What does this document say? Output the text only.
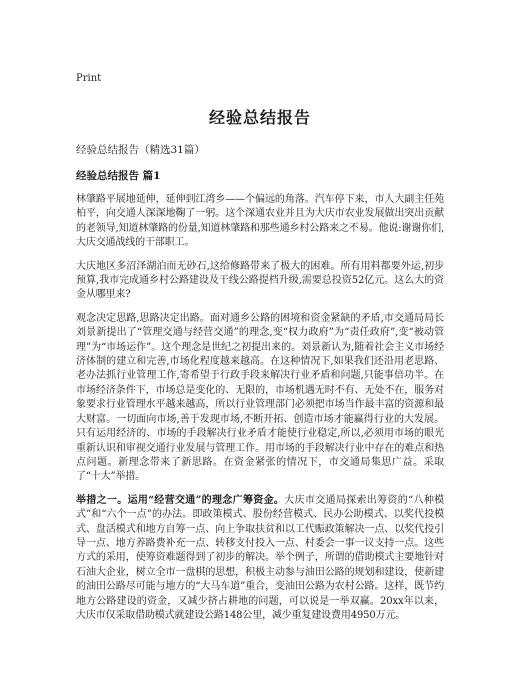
Print
经验总结报告
经验总结报告（精选31篇）
经验总结报告 篇1

林肇路平展地延伸，延伸到江湾乡——个偏远的角落。汽车停下来，市人大副主任苑柏平，向交通人深深地鞠了一躬。这个深通农业并且为大庆市农业发展做出突出贡献的老领导,知道林肇路的份量,知道林肇路和那些通乡村公路来之不易。他说:谢谢你们,大庆交通战线的干部职工。

大庆地区多沼泽湖泊而无砂石,这给修路带来了极大的困难。所有用料都要外运,初步预算,我市完成通乡村公路建设及干线公路提档升级,需要总投资52亿元。这么大的资金从哪里来?

观念决定思路,思路决定出路。面对通乡公路的困境和资金紧缺的矛盾,市交通局局长刘景新提出了“管理交通与经营交通”的理念,变“权力政府”为“责任政府”,变“被动管理”为“市场运作”。这个理念是世纪之初提出来的。刘景新认为,随着社会主义市场经济体制的建立和完善,市场化程度越来越高。在这种情况下,如果我们还沿用老思路、老办法抓行业管理工作,寄希望于行政手段来解决行业矛盾和问题,只能事倍功半。在市场经济条件下，市场总是变化的、无限的，市场机遇无时不有、无处不在，服务对象要求行业管理水平越来越高，所以行业管理部门必须把市场当作最丰富的资源和最大财富。一切面向市场,善于发现市场,不断开拓、创造市场才能赢得行业的大发展。只有运用经济的、市场的手段解决行业矛盾才能使行业稳定,所以,必须用市场的眼光重新认识和审视交通行业发展与管理工作。用市场的手段解决行业中存在的难点和热点问题。新理念带来了新思路。在资金紧张的情况下，市交通局集思广益。采取了“十大”举措。

举措之一。运用“经营交通”的理念广筹资金。大庆市交通局探索出筹资的“八种模式”和“六个一点”的办法。即政策模式、股份经营模式、民办公助模式、以奖代投模式、盘活模式和地方自筹一点、向上争取扶贫和以工代赈政策解决一点、以奖代投引导一点、地方养路费补充一点、转移支付投入一点、村委会一事一议支持一点。这些方式的采用，使筹资难题得到了初步的解决。举个例子，所谓的借助模式主要地针对石油大企业，树立全市一盘棋的思想，积极主动参与油田公路的规划和建设，使新建的油田公路尽可能与地方的“大马车道”重合，变油田公路为农村公路。这样，既节约地方公路建设的资金，又减少挤占耕地的问题，可以说是一举双赢。20xx年以来，大庆市仅采取借助模式就建设公路148公里，减少重复建设费用4950万元。
